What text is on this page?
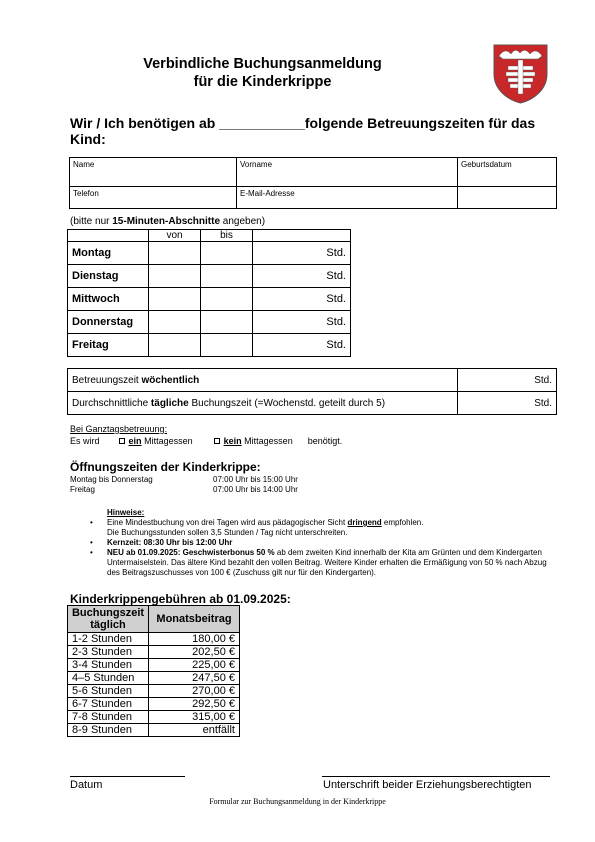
Verbindliche Buchungsanmeldung
für die Kinderkrippe
Wir / Ich benötigen ab ___________folgende Betreuungszeiten für das Kind:
Name	Vorname	Geburtsdatum
Telefon	E-Mail-Adresse	
(bitte nur 15-Minuten-Abschnitte angeben)
	von	bis	
Montag			Std.
Dienstag			Std.
Mittwoch			Std.
Donnerstag			Std.
Freitag			Std.
Betreuungszeit wöchentlich	Std.
Durchschnittliche tägliche Buchungszeit (=Wochenstd. geteilt durch 5)	Std.
Bei Ganztagsbetreuung:
Es wird	ein Mittagessen	kein Mittagessen benötigt.
Öffnungszeiten der Kinderkrippe:
Montag bis Donnerstag	07:00 Uhr bis 15:00 Uhr
Freitag	07:00 Uhr bis 14:00 Uhr
Hinweise:
• Eine Mindestbuchung von drei Tagen wird aus pädagogischer Sicht dringend empfohlen.
Die Buchungsstunden sollen 3,5 Stunden / Tag nicht unterschreiten.
• Kernzeit: 08:30 Uhr bis 12:00 Uhr
• NEU ab 01.09.2025: Geschwisterbonus 50 % ab dem zweiten Kind innerhalb der Kita am Grünten und dem Kindergarten Untermaiselstein. Das ältere Kind bezahlt den vollen Beitrag. Weitere Kinder erhalten die Ermäßigung von 50 % nach Abzug des Beitragszuschusses von 100 € (Zuschuss gilt nur für den Kindergarten).
Kinderkrippengebühren ab 01.09.2025:
Buchungszeit täglich	Monatsbeitrag
1-2 Stunden	180,00 €
2-3 Stunden	202,50 €
3-4 Stunden	225,00 €
4–5 Stunden	247,50 €
5-6 Stunden	270,00 €
6-7 Stunden	292,50 €
7-8 Stunden	315,00 €
8-9 Stunden	entfällt
Datum	Unterschrift beider Erziehungsberechtigten
Formular zur Buchungsanmeldung in der Kinderkrippe
